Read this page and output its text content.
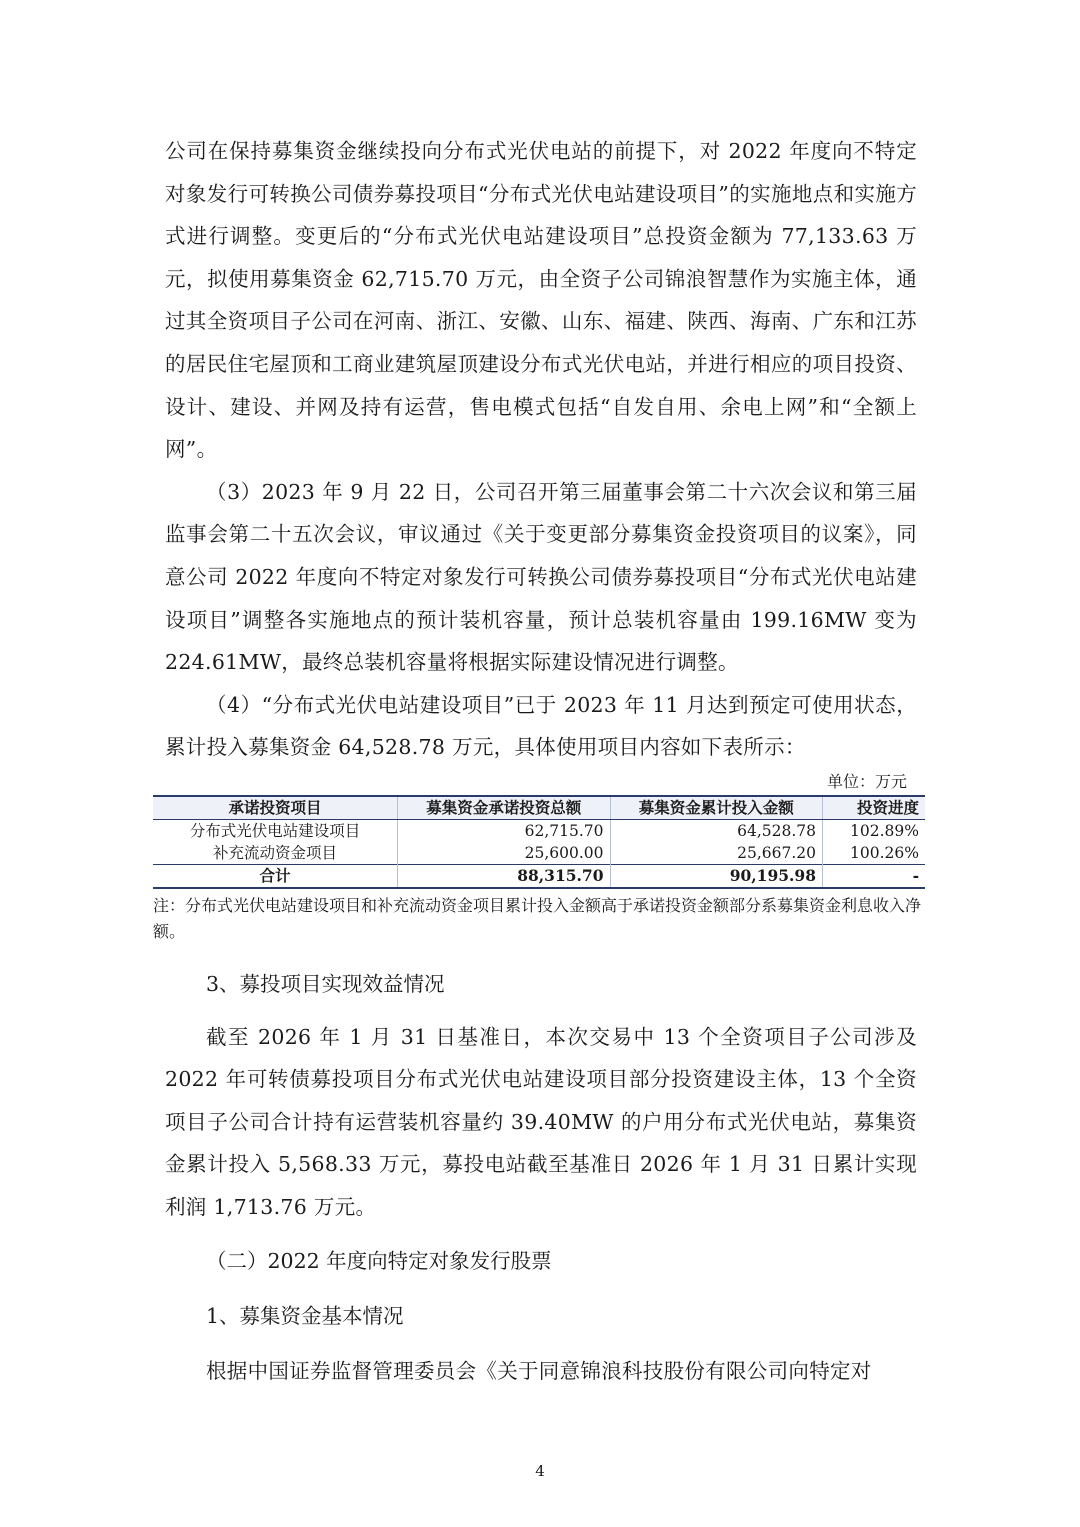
公司在保持募集资金继续投向分布式光伏电站的前提下，对 2022 年度向不特定对象发行可转换公司债券募投项目“分布式光伏电站建设项目”的实施地点和实施方式进行调整。变更后的“分布式光伏电站建设项目”总投资金额为 77,133.63 万元，拟使用募集资金 62,715.70 万元，由全资子公司锦浪智慧作为实施主体，通过其全资项目子公司在河南、浙江、安徽、山东、福建、陕西、海南、广东和江苏的居民住宅屋顶和工商业建筑屋顶建设分布式光伏电站，并进行相应的项目投资、设计、建设、并网及持有运营，售电模式包括“自发自用、余电上网”和“全额上网”。

（3）2023 年 9 月 22 日，公司召开第三届董事会第二十六次会议和第三届监事会第二十五次会议，审议通过《关于变更部分募集资金投资项目的议案》，同意公司 2022 年度向不特定对象发行可转换公司债券募投项目“分布式光伏电站建设项目”调整各实施地点的预计装机容量，预计总装机容量由 199.16MW 变为 224.61MW，最终总装机容量将根据实际建设情况进行调整。

（4）“分布式光伏电站建设项目”已于 2023 年 11 月达到预定可使用状态，累计投入募集资金 64,528.78 万元，具体使用项目内容如下表所示：

单位：万元
承诺投资项目	募集资金承诺投资总额	募集资金累计投入金额	投资进度
分布式光伏电站建设项目	62,715.70	64,528.78	102.89%
补充流动资金项目	25,600.00	25,667.20	100.26%
合计	88,315.70	90,195.98	-

注：分布式光伏电站建设项目和补充流动资金项目累计投入金额高于承诺投资金额部分系募集资金利息收入净额。

3、募投项目实现效益情况

截至 2026 年 1 月 31 日基准日，本次交易中 13 个全资项目子公司涉及 2022 年可转债募投项目分布式光伏电站建设项目部分投资建设主体，13 个全资项目子公司合计持有运营装机容量约 39.40MW 的户用分布式光伏电站，募集资金累计投入 5,568.33 万元，募投电站截至基准日 2026 年 1 月 31 日累计实现利润 1,713.76 万元。

（二）2022 年度向特定对象发行股票

1、募集资金基本情况

根据中国证券监督管理委员会《关于同意锦浪科技股份有限公司向特定对

4
